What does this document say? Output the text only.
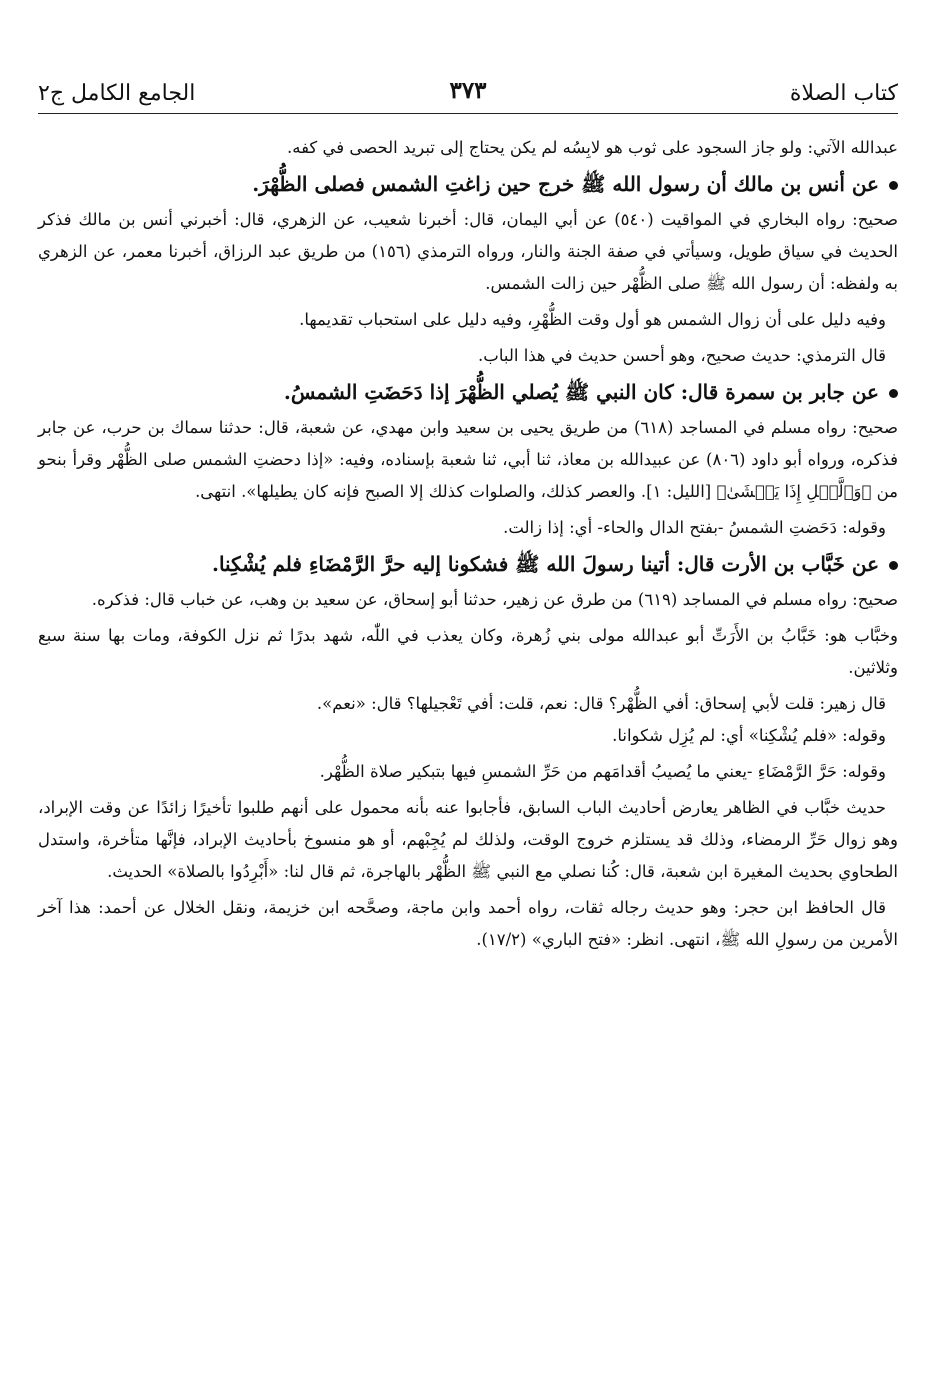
كتاب الصلاة
٣٧٣
الجامع الكامل ج٢

عبدالله الآتي: ولو جاز السجود على ثوب هو لابِسُه لم يكن يحتاج إلى تبريد الحصى في كفه.

عن أنس بن مالك أن رسول الله ﷺ خرج حين زاغتِ الشمس فصلى الظُّهْرَ.

صحيح: رواه البخاري في المواقيت (٥٤٠) عن أبي اليمان، قال: أخبرنا شعيب، عن الزهري، قال: أخبرني أنس بن مالك فذكر الحديث في سياق طويل، وسيأتي في صفة الجنة والنار، ورواه الترمذي (١٥٦) من طريق عبد الرزاق، أخبرنا معمر، عن الزهري به ولفظه: أن رسول الله ﷺ صلى الظُّهْر حين زالت الشمس.

وفيه دليل على أن زوال الشمس هو أول وقت الظُّهْرِ، وفيه دليل على استحباب تقديمها.

قال الترمذي: حديث صحيح، وهو أحسن حديث في هذا الباب.

عن جابر بن سمرة قال: كان النبي ﷺ يُصلي الظُّهْرَ إذا دَحَضَتِ الشمسُ.

صحيح: رواه مسلم في المساجد (٦١٨) من طريق يحيى بن سعيد وابن مهدي، عن شعبة، قال: حدثنا سماك بن حرب، عن جابر فذكره، ورواه أبو داود (٨٠٦) عن عبيدالله بن معاذ، ثنا أبي، ثنا شعبة بإسناده، وفيه: «إذا دحضتِ الشمس صلى الظُّهْر وقرأ بنحو من ﴿وَٱلَّيۡلِ إِذَا يَغۡشَىٰ﴾ [الليل: ١]. والعصر كذلك، والصلوات كذلك إلا الصبح فإنه كان يطيلها». انتهى.

وقوله: دَحَضتِ الشمسُ -بفتح الدال والحاء- أي: إذا زالت.

عن خَبَّاب بن الأرت قال: أتينا رسولَ الله ﷺ فشكونا إليه حرَّ الرَّمْضَاءِ فلم يُشْكِنا.

صحيح: رواه مسلم في المساجد (٦١٩) من طرق عن زهير، حدثنا أبو إسحاق، عن سعيد بن وهب، عن خباب قال: فذكره.

وخبَّاب هو: خَبَّابُ بن الأَرَتِّ أبو عبدالله مولى بني زُهرة، وكان يعذب في اللّٰه، شهد بدرًا ثم نزل الكوفة، ومات بها سنة سبع وثلاثين.

قال زهير: قلت لأبي إسحاق: أفي الظُّهْر؟ قال: نعم، قلت: أفي تَعْجيلها؟ قال: «نعم».

وقوله: «فلم يُشْكِنا» أي: لم يُزِل شكوانا.

وقوله: حَرَّ الرَّمْضَاءِ -يعني ما يُصيبُ أقدامَهم من حَرِّ الشمسِ فيها بتبكير صلاة الظُّهْر.

حديث خبَّاب في الظاهر يعارض أحاديث الباب السابق، فأجابوا عنه بأنه محمول على أنهم طلبوا تأخيرًا زائدًا عن وقت الإبراد، وهو زوال حَرِّ الرمضاء، وذلك قد يستلزم خروج الوقت، ولذلك لم يُجِبْهم، أو هو منسوخ بأحاديث الإبراد، فإنَّها متأخرة، واستدل الطحاوي بحديث المغيرة ابن شعبة، قال: كُنا نصلي مع النبي ﷺ الظُّهْر بالهاجرة، ثم قال لنا: «أَبْرِدُوا بالصلاة» الحديث.

قال الحافظ ابن حجر: وهو حديث رجاله ثقات، رواه أحمد وابن ماجة، وصحَّحه ابن خزيمة، ونقل الخلال عن أحمد: هذا آخر الأمرين من رسولِ الله ﷺ، انتهى. انظر: «فتح الباري» (١٧/٢).
